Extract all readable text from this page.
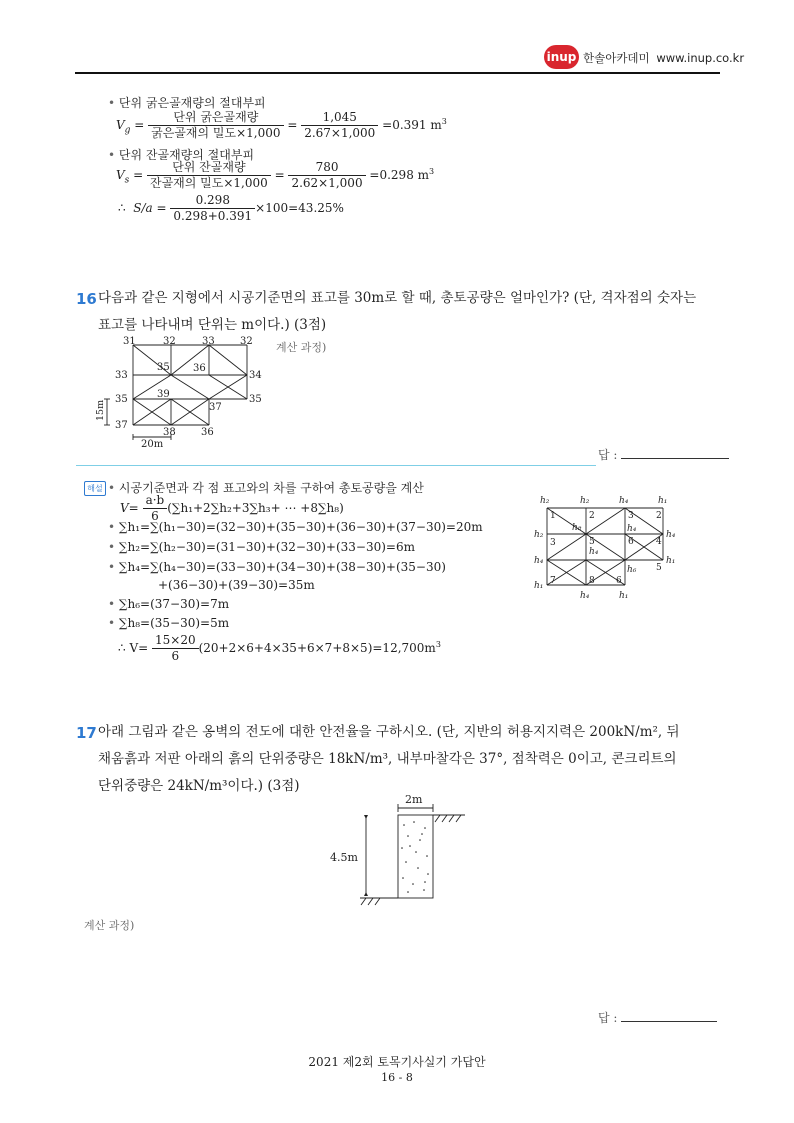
inup 한솔아카데미 www.inup.co.kr
• 단위 굵은골재량의 절대부피
$V_g = \frac{\text{단위 굵은골재량}}{\text{굵은골재의 밀도×1,000}} = \frac{1,045}{2.67\times 1,000} =0.391$ $m^3$
• 단위 잔골재량의 절대부피
$V_s = \frac{\text{단위 잔골재량}}{\text{잔골재의 밀도×1,000}} = \frac{780}{2.62\times 1,000} =0.298$ $m^3$
∴ $S/a = \frac{0.298}{0.298+0.391} \times 100=43.25\%$
16 다음과 같은 지형에서 시공기준면의 표고를 30m로 할 때, 총토공량은 얼마인가? (단, 격자점의 숫자는
표고를 나타내며 단위는 m이다.) (3점)
계산 과정)
31	32	33	32
35 36
33
35
37
34
35
39
37
38	36
15m
20m
답 :
해설 • 시공기준면과 각 점 표고와의 차를 구하여 총토공량을 계산
$V= \frac{a\cdot b}{6} (\sum h_1+2\sum h_2+3\sum h_3+$ ⋯ +8∑h₈)
• ∑h₁=∑(h₁−30)=(32−30)+(35−30)+(36−30)+(37−30)=20m
• ∑h₂=∑(h₂−30)=(31−30)+(32−30)+(33−30)=6m
• ∑h₄=∑(h₄−30)=(33−30)+(34−30)+(38−30)+(35−30)
+(36−30)+(39−30)=35m
• ∑h₆=(37−30)=7m
• ∑h₈=(35−30)=5m
∴ $V= \frac{15\times 20}{6} (20+2\times 6+4\times 35+6\times 7+8\times 5)=12,700m^3$
h₂	h₂	h₄	h₁
1	2	3 2
3	5	6 4
5
7	8 6
h₈	h₄
h₄
h₂
h₄
h₄
h₆
h₁
h₁
h₄	h₁
17 아래 그림과 같은 옹벽의 전도에 대한 안전율을 구하시오. (단, 지반의 허용지지력은 200kN/m², 뒤
채움흙과 저판 아래의 흙의 단위중량은 18kN/m³, 내부마찰각은 37°, 점착력은 0이고, 콘크리트의
단위중량은 24kN/m³이다.) (3점)
2m
4.5m
계산 과정)
답 :
2021 제2회 토목기사실기 가답안
16 - 8
